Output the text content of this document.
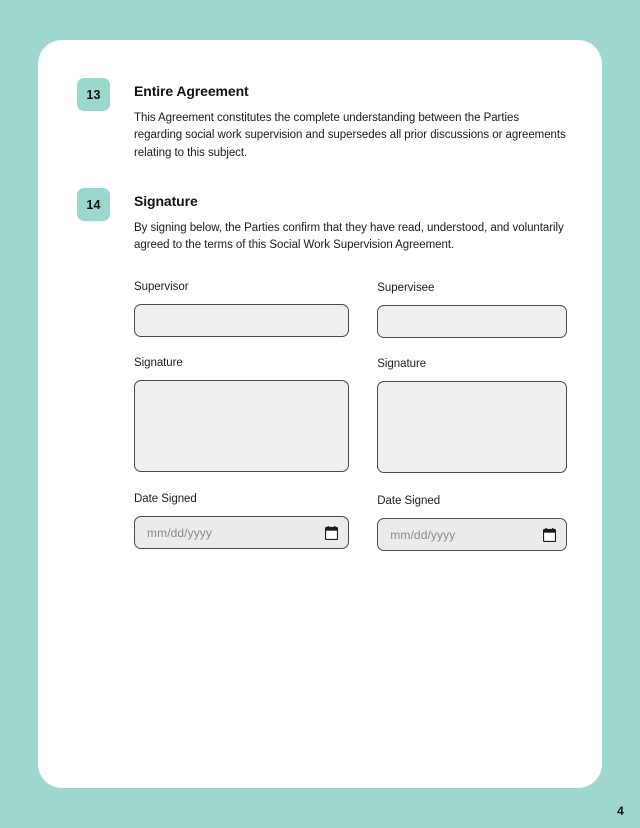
13	Entire Agreement

This Agreement constitutes the complete understanding between the Parties regarding social work supervision and supersedes all prior discussions or agreements relating to this subject.

14	Signature

By signing below, the Parties confirm that they have read, understood, and voluntarily agreed to the terms of this Social Work Supervision Agreement.

Supervisor
Signature
Date Signed
mm/dd/yyyy
Supervisee
Signature
Date Signed
mm/dd/yyyy
4
